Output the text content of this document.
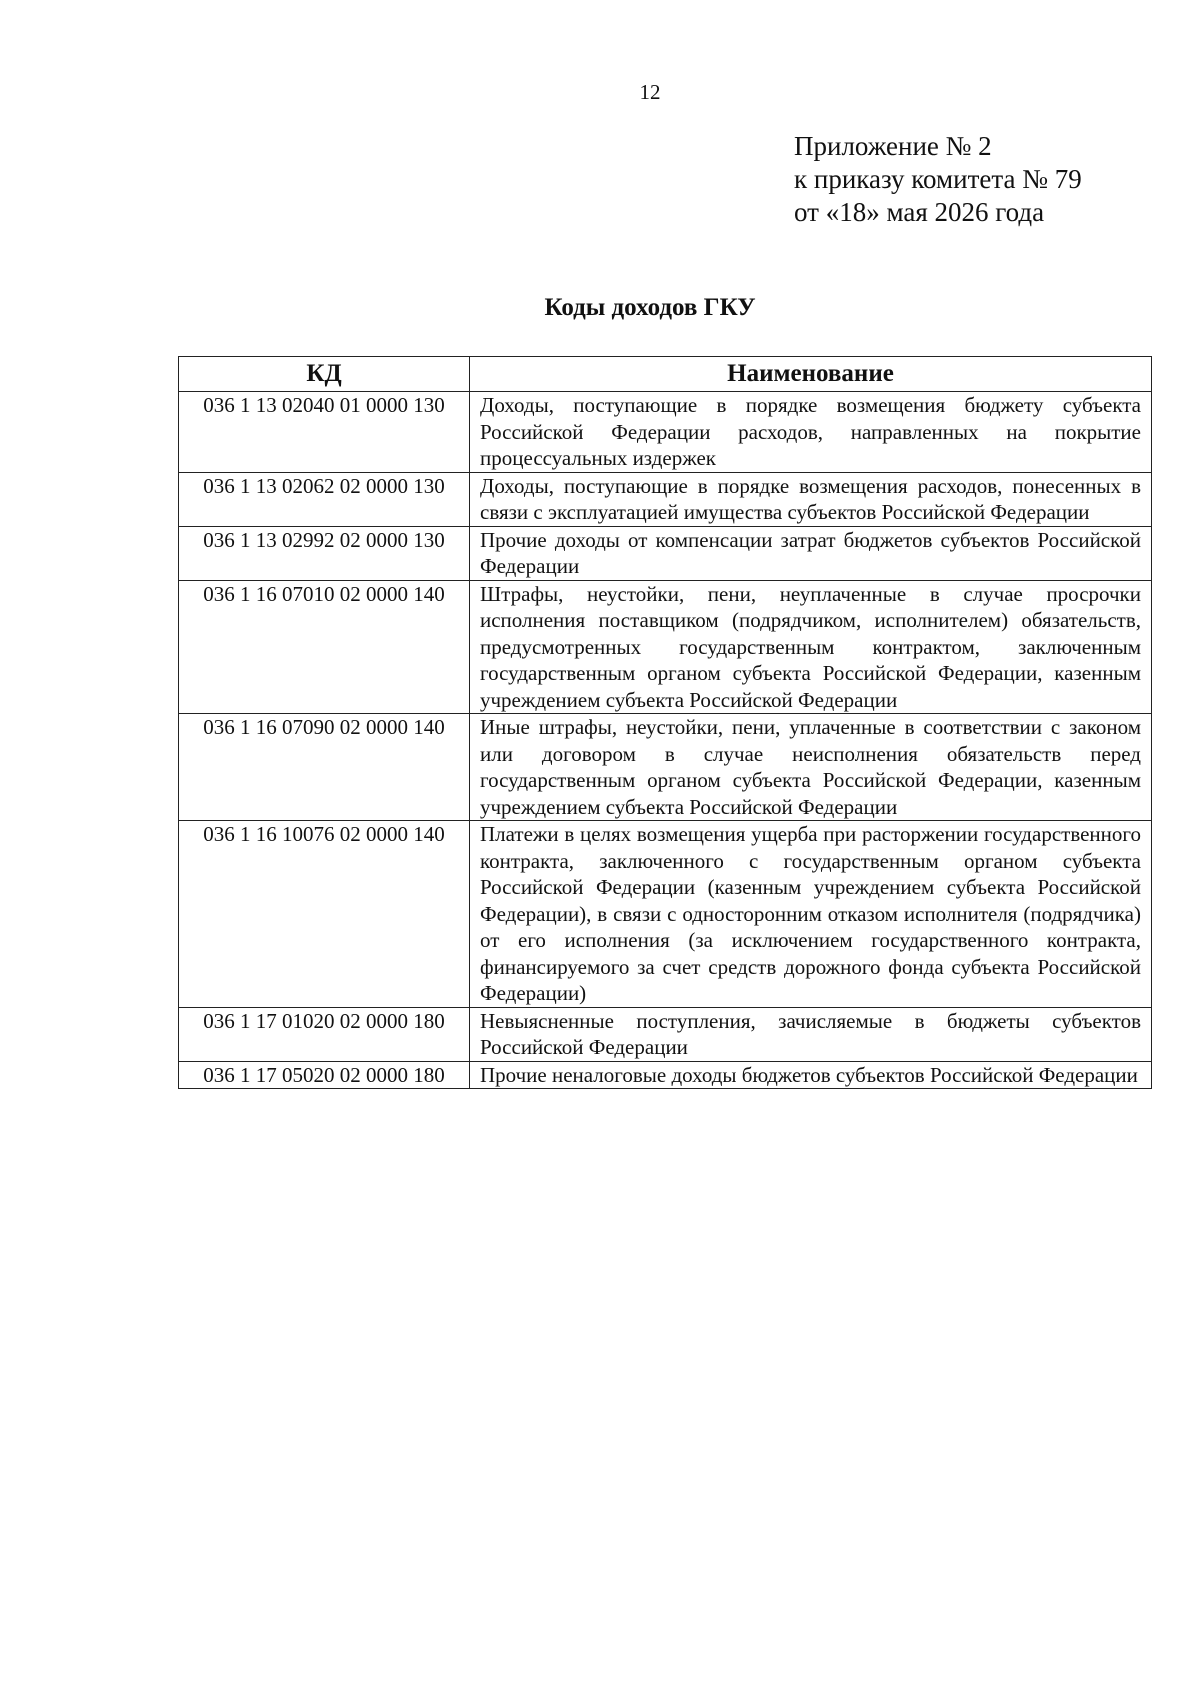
12
Приложение № 2
к приказу комитета № 79
от «18» мая 2026 года
Коды доходов ГКУ
КД	Наименование
036 1 13 02040 01 0000 130	Доходы, поступающие в порядке возмещения бюджету субъекта Российской Федерации расходов, направленных на покрытие процессуальных издержек
036 1 13 02062 02 0000 130	Доходы, поступающие в порядке возмещения расходов, понесенных в связи с эксплуатацией имущества субъектов Российской Федерации
036 1 13 02992 02 0000 130	Прочие доходы от компенсации затрат бюджетов субъектов Российской Федерации
036 1 16 07010 02 0000 140	Штрафы, неустойки, пени, неуплаченные в случае просрочки исполнения поставщиком (подрядчиком, исполнителем) обязательств, предусмотренных государственным контрактом, заключенным государственным органом субъекта Российской Федерации, казенным учреждением субъекта Российской Федерации
036 1 16 07090 02 0000 140	Иные штрафы, неустойки, пени, уплаченные в соответствии с законом или договором в случае неисполнения обязательств перед государственным органом субъекта Российской Федерации, казенным учреждением субъекта Российской Федерации
036 1 16 10076 02 0000 140	Платежи в целях возмещения ущерба при расторжении государственного контракта, заключенного с государственным органом субъекта Российской Федерации (казенным учреждением субъекта Российской Федерации), в связи с односторонним отказом исполнителя (подрядчика) от его исполнения (за исключением государственного контракта, финансируемого за счет средств дорожного фонда субъекта Российской Федерации)
036 1 17 01020 02 0000 180	Невыясненные поступления, зачисляемые в бюджеты субъектов Российской Федерации
036 1 17 05020 02 0000 180	Прочие неналоговые доходы бюджетов субъектов Российской Федерации
